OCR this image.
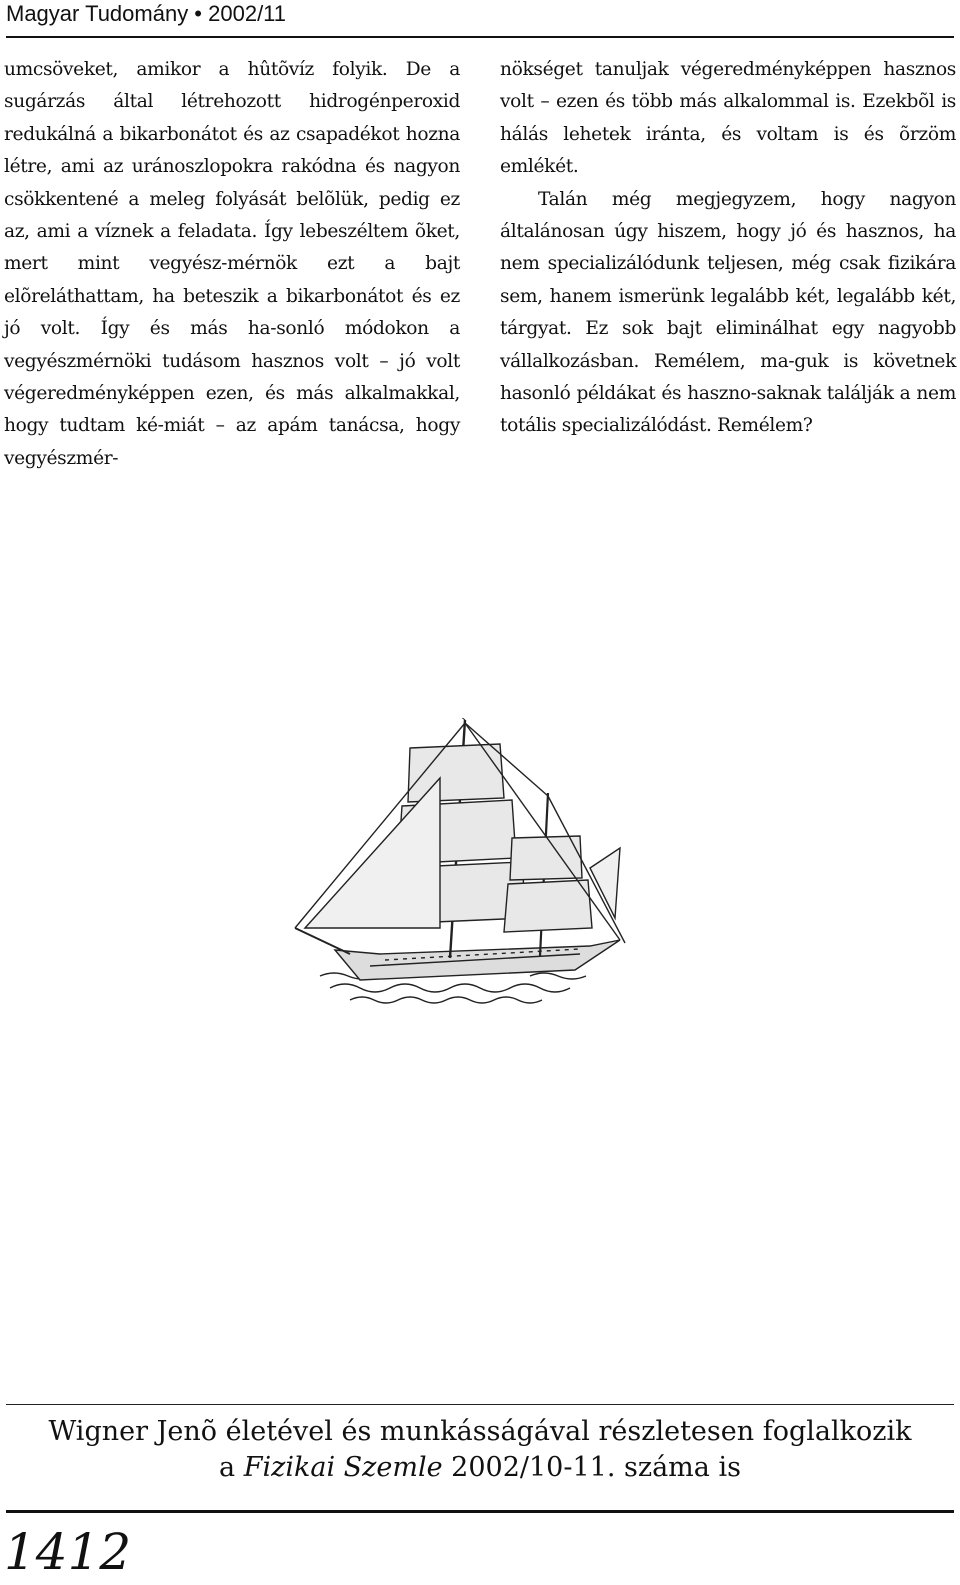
Magyar Tudomány • 2002/11

umcsöveket, amikor a hûtõvíz folyik. De a sugárzás által létrehozott hidrogénperoxid redukálná a bikarbonátot és az csapadékot hozna létre, ami az uránoszlopokra rakódna és nagyon csökkentené a meleg folyását belõlük, pedig ez az, ami a víznek a feladata. Így lebeszéltem õket, mert mint vegyész-mérnök ezt a bajt elõreláthattam, ha beteszik a bikarbonátot és ez jó volt. Így és más ha-sonló módokon a vegyészmérnöki tudásom hasznos volt – jó volt végeredményképpen ezen, és más alkalmakkal, hogy tudtam ké-miát – az apám tanácsa, hogy vegyészmér-

nökséget tanuljak végeredményképpen hasznos volt – ezen és több más alkalommal is. Ezekbõl is hálás lehetek iránta, és voltam is és õrzöm emlékét.

Talán még megjegyzem, hogy nagyon általánosan úgy hiszem, hogy jó és hasznos, ha nem specializálódunk teljesen, még csak fizikára sem, hanem ismerünk legalább két, legalább két, tárgyat. Ez sok bajt eliminálhat egy nagyobb vállalkozásban. Remélem, ma-guk is követnek hasonló példákat és haszno-saknak találják a nem totális specializálódást. Remélem?

Wigner Jenõ életével és munkásságával részletesen foglalkozik
a Fizikai Szemle 2002/10-11. száma is
1412
